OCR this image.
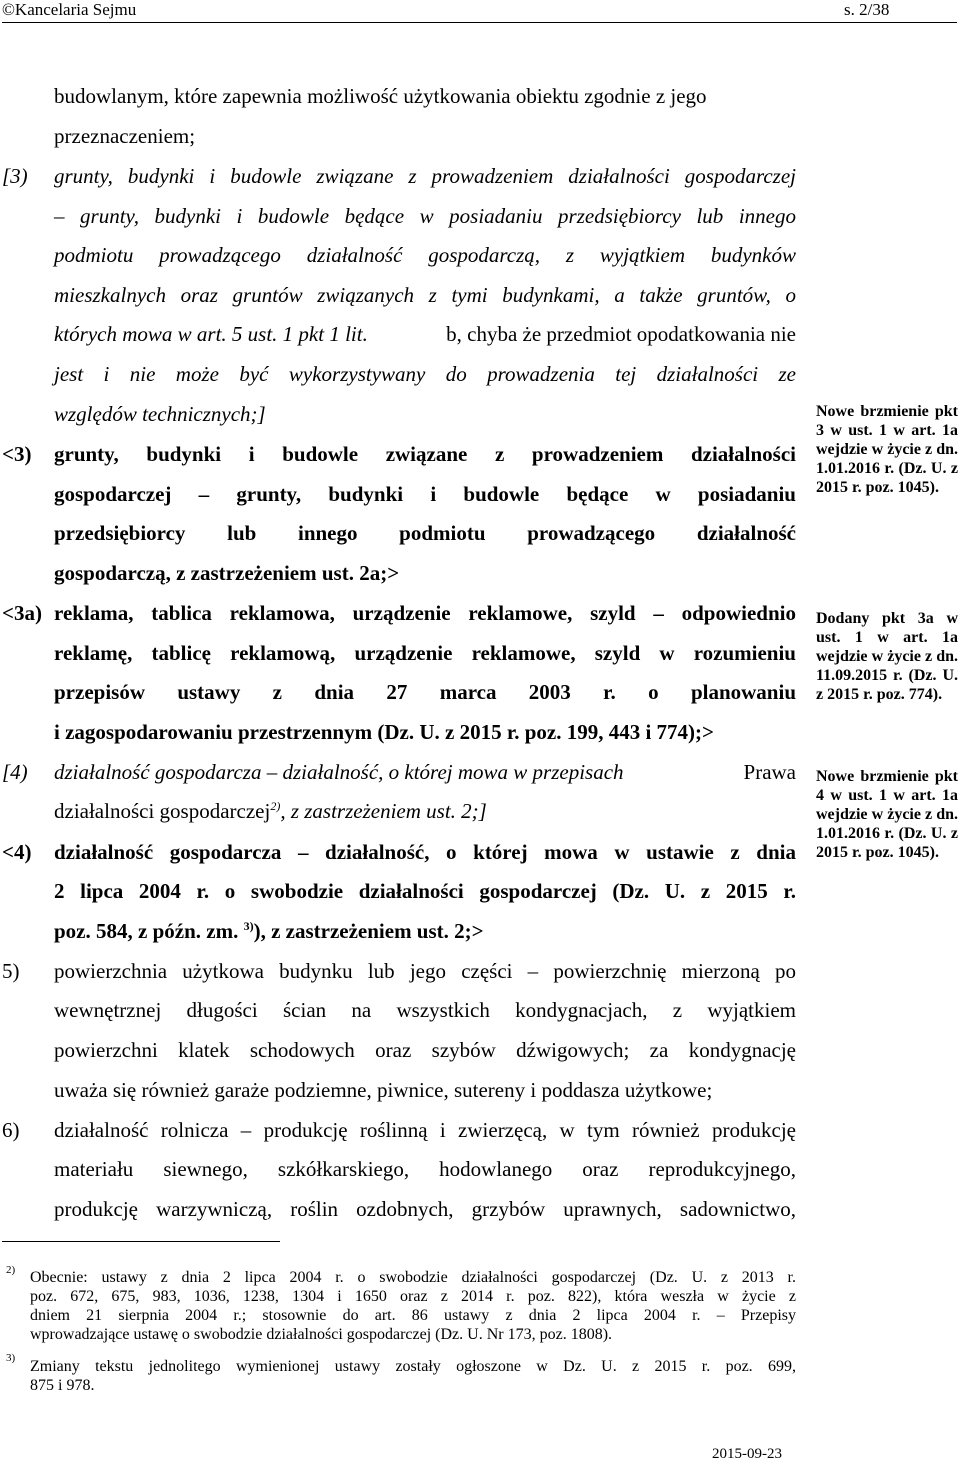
©Kancelaria Sejmu	s. 2/38
budowlanym, które zapewnia możliwość użytkowania obiektu zgodnie z jego
przeznaczeniem;
[3) grunty, budynki i budowle związane z prowadzeniem działalności gospodarczej
– grunty, budynki i budowle będące w posiadaniu przedsiębiorcy lub innego
podmiotu prowadzącego działalność gospodarczą, z wyjątkiem budynków
mieszkalnych oraz gruntów związanych z tymi budynkami, a także gruntów, o
których mowa w art. 5 ust. 1 pkt 1 lit.	b, chyba że przedmiot opodatkowania nie
jest i nie może być wykorzystywany do prowadzenia tej działalności ze
względów technicznych;]
<3) grunty, budynki i budowle związane z prowadzeniem działalności
gospodarczej – grunty, budynki i budowle będące w posiadaniu
przedsiębiorcy lub innego podmiotu prowadzącego działalność
gospodarczą, z zastrzeżeniem ust. 2a;>
<3a) reklama, tablica reklamowa, urządzenie reklamowe, szyld – odpowiednio
reklamę, tablicę reklamową, urządzenie reklamowe, szyld w rozumieniu
przepisów ustawy z dnia 27 marca 2003 r. o planowaniu
i zagospodarowaniu przestrzennym (Dz. U. z 2015 r. poz. 199, 443 i 774);>
[4) działalność gospodarcza – działalność, o której mowa w przepisach	Prawa
działalności gospodarczej$^{2)}$, z zastrzeżeniem ust. 2;]
<4) działalność gospodarcza – działalność, o której mowa w ustawie z dnia
2 lipca 2004 r. o swobodzie działalności gospodarczej (Dz. U. z 2015 r.
poz. 584, z późn. zm. $^{3)}$), z zastrzeżeniem ust. 2;>
5) powierzchnia użytkowa budynku lub jego części – powierzchnię mierzoną po
wewnętrznej długości ścian na wszystkich kondygnacjach, z wyjątkiem
powierzchni klatek schodowych oraz szybów dźwigowych; za kondygnację
uważa się również garaże podziemne, piwnice, sutereny i poddasza użytkowe;
6) działalność rolnicza – produkcję roślinną i zwierzęcą, w tym również produkcję
materiału siewnego, szkółkarskiego, hodowlanego oraz reprodukcyjnego,
produkcję warzywniczą, roślin ozdobnych, grzybów uprawnych, sadownictwo,
Nowe brzmienie pkt 3 w ust. 1 w art. 1a wejdzie w życie z dn. 1.01.2016 r. (Dz. U. z 2015 r. poz. 1045).
Dodany pkt 3a w ust. 1 w art. 1a wejdzie w życie z dn. 11.09.2015 r. (Dz. U. z 2015 r. poz. 774).
Nowe brzmienie pkt 4 w ust. 1 w art. 1a wejdzie w życie z dn. 1.01.2016 r. (Dz. U. z 2015 r. poz. 1045).
2) Obecnie: ustawy z dnia 2 lipca 2004 r. o swobodzie działalności gospodarczej (Dz. U. z 2013 r.
poz. 672, 675, 983, 1036, 1238, 1304 i 1650 oraz z 2014 r. poz. 822), która weszła w życie z
dniem 21 sierpnia 2004 r.; stosownie do art. 86 ustawy z dnia 2 lipca 2004 r. – Przepisy
wprowadzające ustawę o swobodzie działalności gospodarczej (Dz. U. Nr 173, poz. 1808).
3) Zmiany tekstu jednolitego wymienionej ustawy zostały ogłoszone w Dz. U. z 2015 r. poz. 699,
875 i 978.
2015-09-23
